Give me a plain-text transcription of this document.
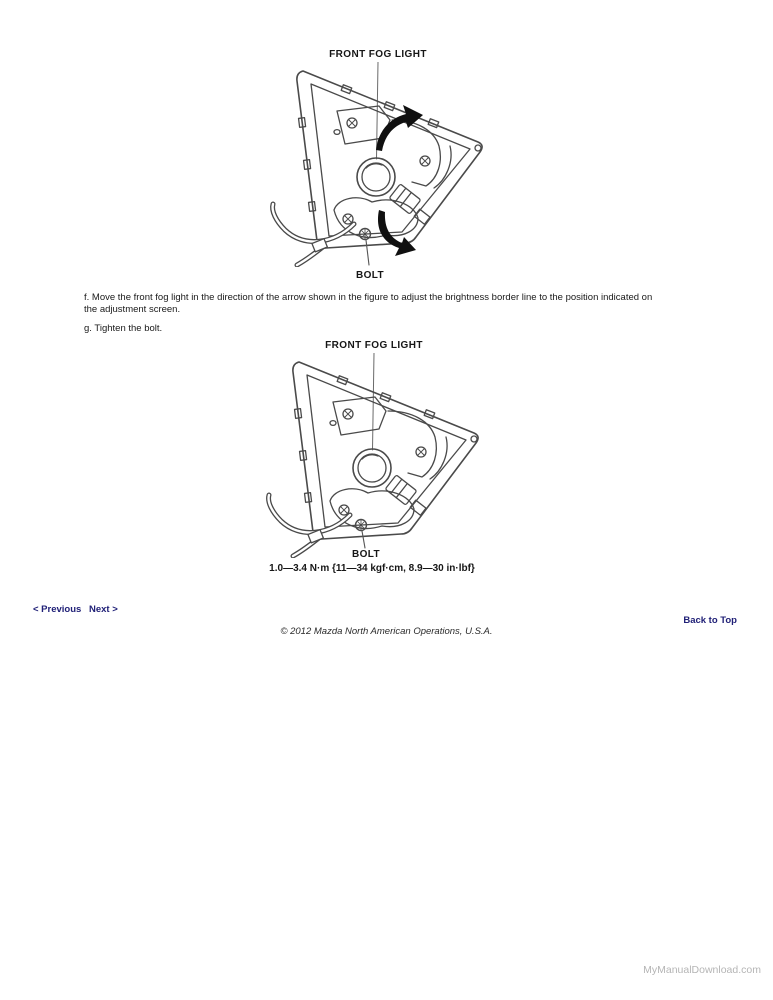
FRONT FOG LIGHT
BOLT

f. Move the front fog light in the direction of the arrow shown in the figure to adjust the brightness border line to the position indicated on the adjustment screen.

g. Tighten the bolt.

FRONT FOG LIGHT
BOLT
1.0—3.4 N·m {11—34 kgf·cm, 8.9—30 in·lbf}
< Previous Next >
Back to Top
© 2012 Mazda North American Operations, U.S.A.
MyManualDownload.com
